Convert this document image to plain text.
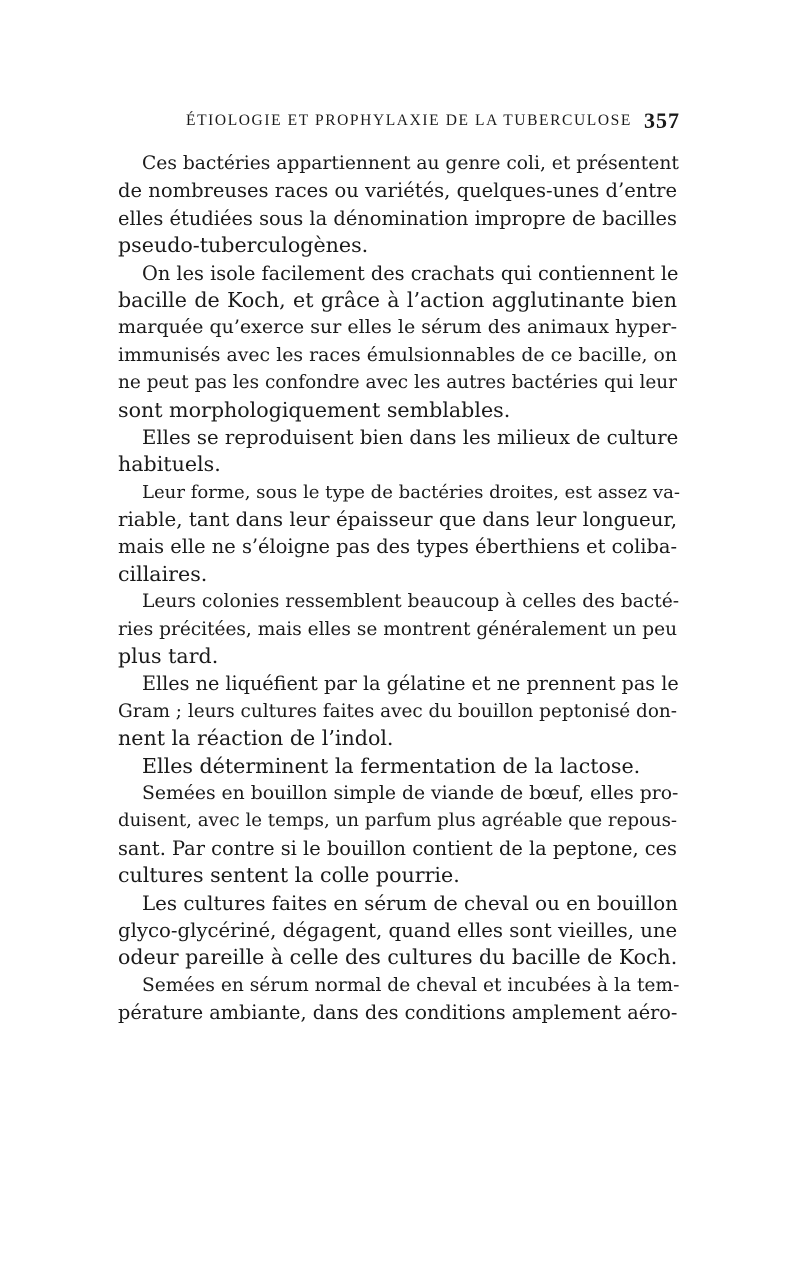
ÉTIOLOGIE ET PROPHYLAXIE DE LA TUBERCULOSE 357
Ces bactéries appartiennent au genre coli, et présentent
de nombreuses races ou variétés, quelques-unes d’entre
elles étudiées sous la dénomination impropre de bacilles
pseudo-tuberculogènes.
On les isole facilement des crachats qui contiennent le
bacille de Koch, et grâce à l’action agglutinante bien
marquée qu’exerce sur elles le sérum des animaux hyper-
immunisés avec les races émulsionnables de ce bacille, on
ne peut pas les confondre avec les autres bactéries qui leur
sont morphologiquement semblables.
Elles se reproduisent bien dans les milieux de culture
habituels.
Leur forme, sous le type de bactéries droites, est assez va-
riable, tant dans leur épaisseur que dans leur longueur,
mais elle ne s’éloigne pas des types éberthiens et coliba-
cillaires.
Leurs colonies ressemblent beaucoup à celles des bacté-
ries précitées, mais elles se montrent généralement un peu
plus tard.
Elles ne liquéfient par la gélatine et ne prennent pas le
Gram ; leurs cultures faites avec du bouillon peptonisé don-
nent la réaction de l’indol.
Elles déterminent la fermentation de la lactose.
Semées en bouillon simple de viande de bœuf, elles pro-
duisent, avec le temps, un parfum plus agréable que repous-
sant. Par contre si le bouillon contient de la peptone, ces
cultures sentent la colle pourrie.
Les cultures faites en sérum de cheval ou en bouillon
glyco-glycériné, dégagent, quand elles sont vieilles, une
odeur pareille à celle des cultures du bacille de Koch.
Semées en sérum normal de cheval et incubées à la tem-
pérature ambiante, dans des conditions amplement aéro-
